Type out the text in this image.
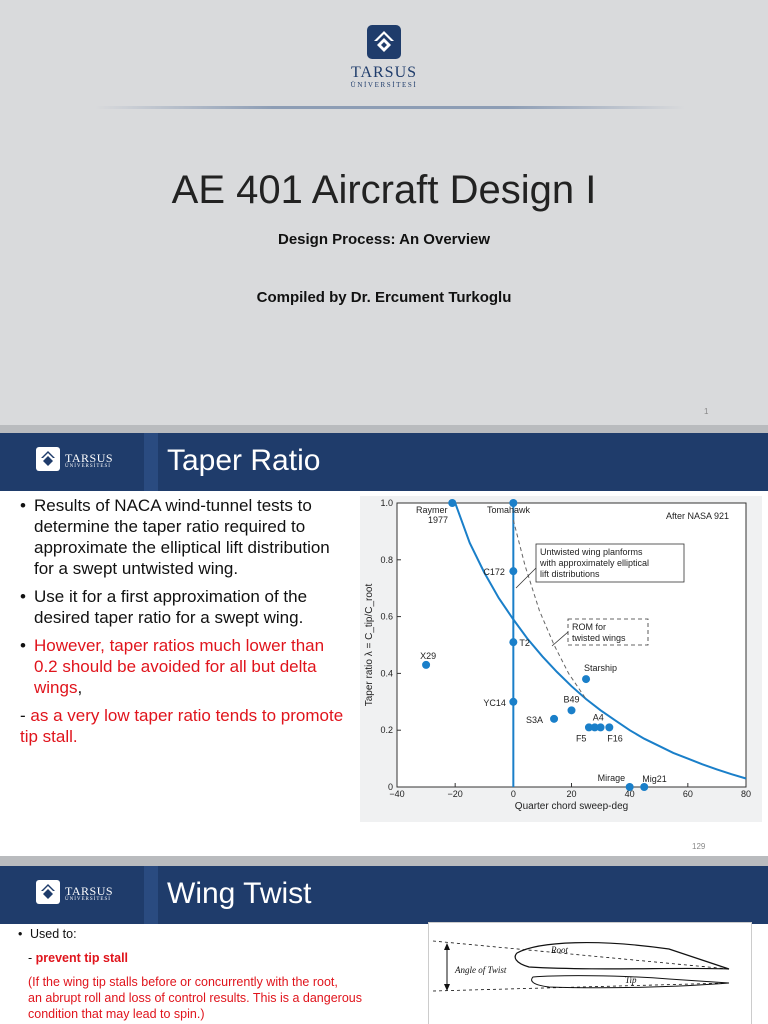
TARSUS
ÜNİVERSİTESİ
AE 401 Aircraft Design I
Design Process: An Overview
Compiled by Dr. Ercument Turkoglu
1
TARSUS
ÜNİVERSİTESİ Taper Ratio
• Results of NACA wind-tunnel tests to determine the taper ratio required to approximate the elliptical lift distribution for a swept untwisted wing.
• Use it for a first approximation of the desired taper ratio for a swept wing.
• However, taper ratios much lower than 0.2 should be avoided for all but delta wings,
- as a very low taper ratio tends to promote tip stall.
−40	−20	0	20	40	60	80
0
0.2
0.4
0.6
0.8
1.0
Quarter chord sweep-deg
Taper ratio λ = C_tip/C_root
C172
T2
X29
Starship
YC14	B49
S3A	A4
F5 F16
Mirage Mig21
After NASA 921
Raymer
1977
Tomahawk
Untwisted wing planforms
with approximately elliptical
lift distributions
ROM for
twisted wings
129
TARSUS
ÜNİVERSİTESİ Wing Twist
• Used to:
- prevent tip stall
(If the wing tip stalls before or concurrently with the root,
an abrupt roll and loss of control results. This is a dangerous
condition that may lead to spin.)
Root
Tip
Angle of Twist
